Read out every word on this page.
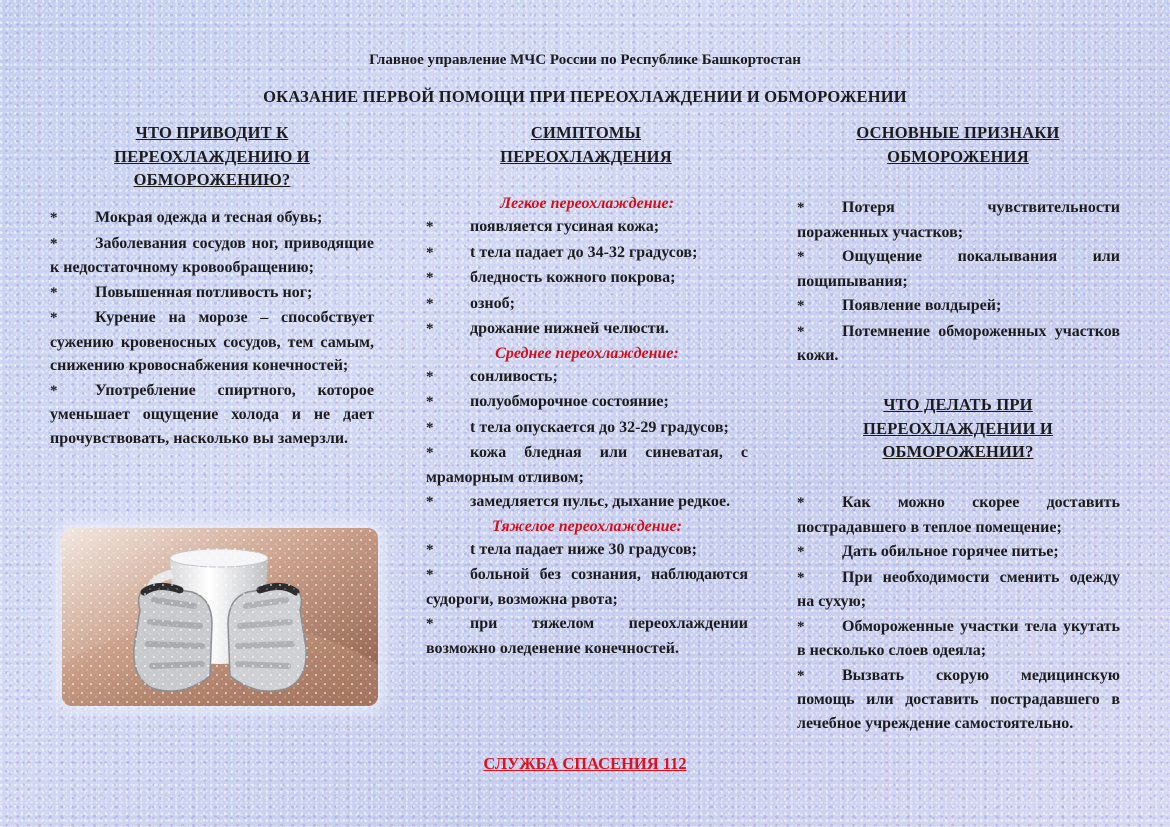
Главное управление МЧС России по Республике Башкортостан
ОКАЗАНИЕ ПЕРВОЙ ПОМОЩИ ПРИ ПЕРЕОХЛАЖДЕНИИ И ОБМОРОЖЕНИИ
ЧТО ПРИВОДИТ К
ПЕРЕОХЛАЖДЕНИЮ И
ОБМОРОЖЕНИЮ?
* Мокрая одежда и тесная обувь;
* Заболевания сосудов ног, приводящие к недостаточному кровообращению;
* Повышенная потливость ног;
* Курение на морозе – способствует сужению кровеносных сосудов, тем самым, снижению кровоснабжения конечностей;
* Употребление спиртного, которое уменьшает ощущение холода и не дает прочувствовать, насколько вы замерзли.
СИМПТОМЫ
ПЕРЕОХЛАЖДЕНИЯ
Легкое переохлаждение:
* появляется гусиная кожа;
* t тела падает до 34-32 градусов;
* бледность кожного покрова;
* озноб;
* дрожание нижней челюсти.
Среднее переохлаждение:
* сонливость;
* полуобморочное состояние;
* t тела опускается до 32-29 градусов;
* кожа бледная или синеватая, с мраморным отливом;
* замедляется пульс, дыхание редкое.
Тяжелое переохлаждение:
* t тела падает ниже 30 градусов;
* больной без сознания, наблюдаются судороги, возможна рвота;
* при тяжелом переохлаждении возможно оледенение конечностей.
ОСНОВНЫЕ ПРИЗНАКИ
ОБМОРОЖЕНИЯ
* Потеря чувствительности пораженных участков;
* Ощущение покалывания или пощипывания;
* Появление волдырей;
* Потемнение обмороженных участков кожи.
ЧТО ДЕЛАТЬ ПРИ
ПЕРЕОХЛАЖДЕНИИ И
ОБМОРОЖЕНИИ?
* Как можно скорее доставить пострадавшего в теплое помещение;
* Дать обильное горячее питье;
* При необходимости сменить одежду на сухую;
* Обмороженные участки тела укутать в несколько слоев одеяла;
* Вызвать скорую медицинскую помощь или доставить пострадавшего в лечебное учреждение самостоятельно.
СЛУЖБА СПАСЕНИЯ 112
